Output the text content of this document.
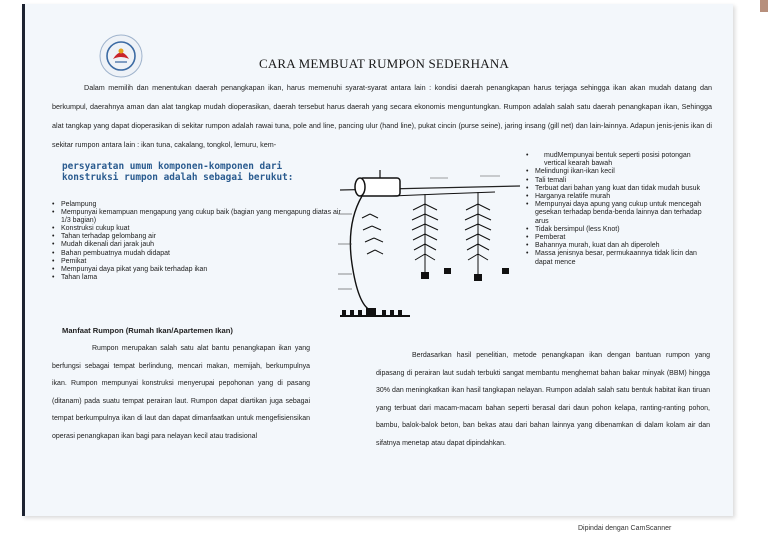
CARA MEMBUAT RUMPON SEDERHANA
Dalam memilih dan menentukan daerah penangkapan ikan, harus memenuhi syarat-syarat antara lain : kondisi daerah penangkapan harus terjaga sehingga ikan akan mudah datang dan berkumpul, daerahnya aman dan alat tangkap mudah dioperasikan, daerah tersebut harus daerah yang secara ekonomis menguntungkan. Rumpon adalah salah satu daerah penangkapan ikan, Sehingga alat tangkap yang dapat dioperasikan di sekitar rumpon adalah rawai tuna, pole and line, pancing ulur (hand line), pukat cincin (purse seine), jaring insang (gill net) dan lain-lainnya. Adapun jenis-jenis ikan di sekitar rumpon antara lain : ikan tuna, cakalang, tongkol, lemuru, kem-
persyaratan umum komponen-komponen dari konstruksi rumpon adalah sebagai berukut:
• Pelampung
• Mempunyai kemampuan mengapung yang cukup baik (bagian yang mengapung diatas air 1/3 bagian)
• Konstruksi cukup kuat
• Tahan terhadap gelombang air
• Mudah dikenali dari jarak jauh
• Bahan pembuatnya mudah didapat
• Pemikat
• Mempunyai daya pikat yang baik terhadap ikan
• Tahan lama
Manfaat Rumpon (Rumah Ikan/Apartemen Ikan)
Rumpon merupakan salah satu alat bantu penangkapan ikan yang berfungsi sebagai tempat berlindung, mencari makan, memijah, berkumpulnya ikan. Rumpon mempunyai konstruksi menyerupai pepohonan yang di pasang (ditanam) pada suatu tempat perairan laut. Rumpon dapat diartikan juga sebagai tempat berkumpulnya ikan di laut dan dapat dimanfaatkan untuk mengefisiensikan operasi penangkapan ikan bagi para nelayan kecil atau tradisional
• mudMempunyai bentuk seperti posisi potongan vertical kearah bawah
• Melindungi ikan-ikan kecil
• Tali temali
• Terbuat dari bahan yang kuat dan tidak mudah busuk
• Harganya relatife murah
• Mempunyai daya apung yang cukup untuk mencegah gesekan terhadap benda-benda lainnya dan terhadap arus
• Tidak bersimpul (less Knot)
• Pemberat
• Bahannya murah, kuat dan ah diperoleh
• Massa jenisnya besar, permukaannya tidak licin dan dapat mence
Berdasarkan hasil penelitian, metode penangkapan ikan dengan bantuan rumpon yang dipasang di perairan laut sudah terbukti sangat membantu menghemat bahan bakar minyak (BBM) hingga 30% dan meningkatkan ikan hasil tangkapan nelayan. Rumpon adalah salah satu bentuk habitat ikan tiruan yang terbuat dari macam-macam bahan seperti berasal dari daun pohon kelapa, ranting-ranting pohon, bambu, balok-balok beton, ban bekas atau dari bahan lainnya yang dibenamkan di dalam kolam air dan sifatnya menetap atau dapat dipindahkan.
Dipindai dengan CamScanner
